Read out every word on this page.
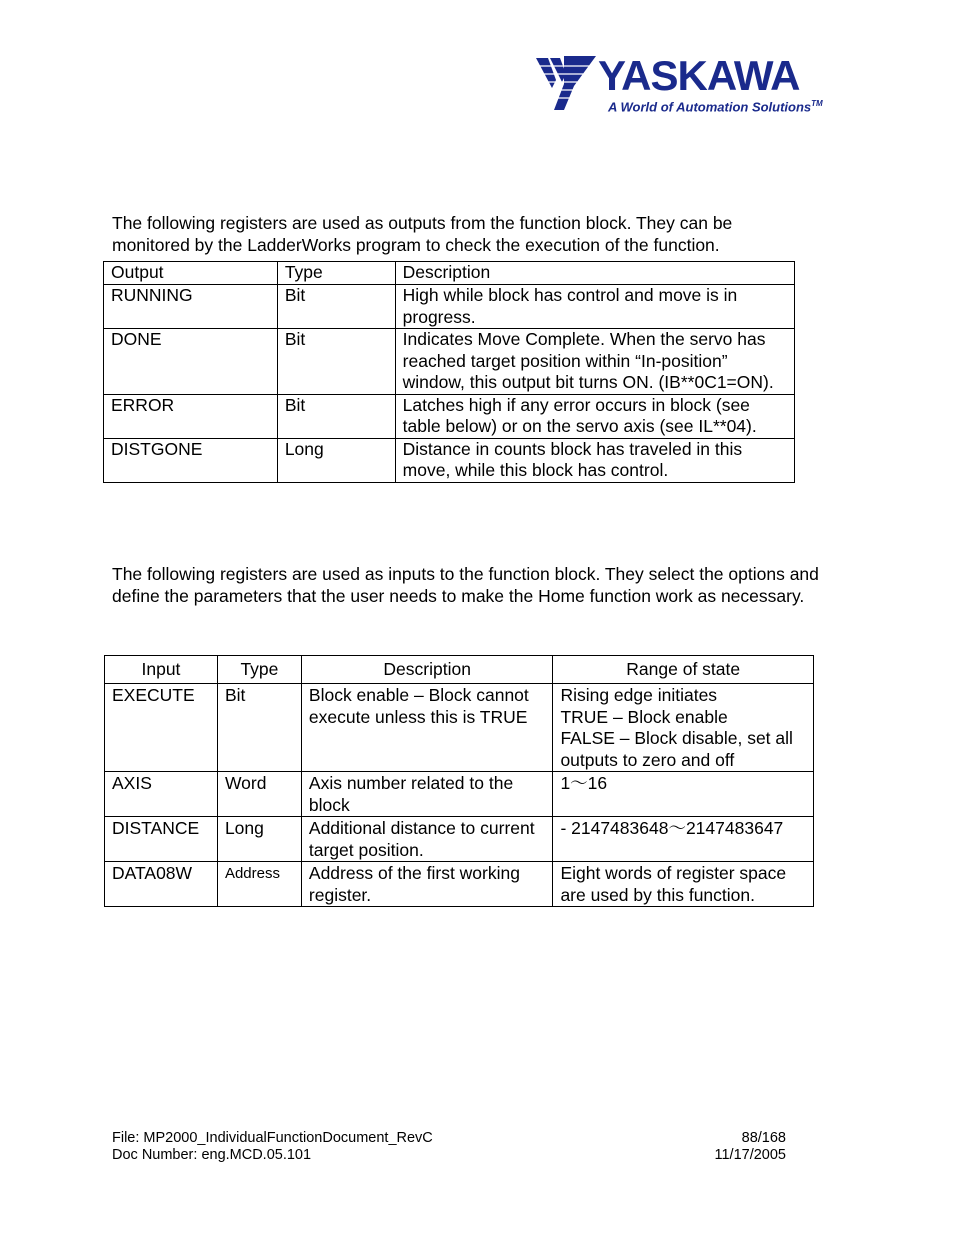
YASKAWA
A World of Automation Solutions™

The following registers are used as outputs from the function block. They can be monitored by the LadderWorks program to check the execution of the function.

Output	Type	Description
RUNNING	Bit	High while block has control and move is in progress.
DONE	Bit	Indicates Move Complete. When the servo has reached target position within “In-position” window, this output bit turns ON. (IB**0C1=ON).
ERROR	Bit	Latches high if any error occurs in block (see table below) or on the servo axis (see IL**04).
DISTGONE	Long	Distance in counts block has traveled in this move, while this block has control.

The following registers are used as inputs to the function block. They select the options and define the parameters that the user needs to make the Home function work as necessary.

Input	Type	Description	Range of state
EXECUTE	Bit	Block enable – Block cannot execute unless this is TRUE	Rising edge initiates
TRUE – Block enable
FALSE – Block disable, set all outputs to zero and off

AXIS	Word	Axis number related to the block	1～16
DISTANCE	Long	Additional distance to current target position.	- 2147483648～2147483647
DATA08W	Address	Address of the first working register.	Eight words of register space are used by this function.
File: MP2000_IndividualFunctionDocument_RevC
Doc Number: eng.MCD.05.101
88/168
11/17/2005
